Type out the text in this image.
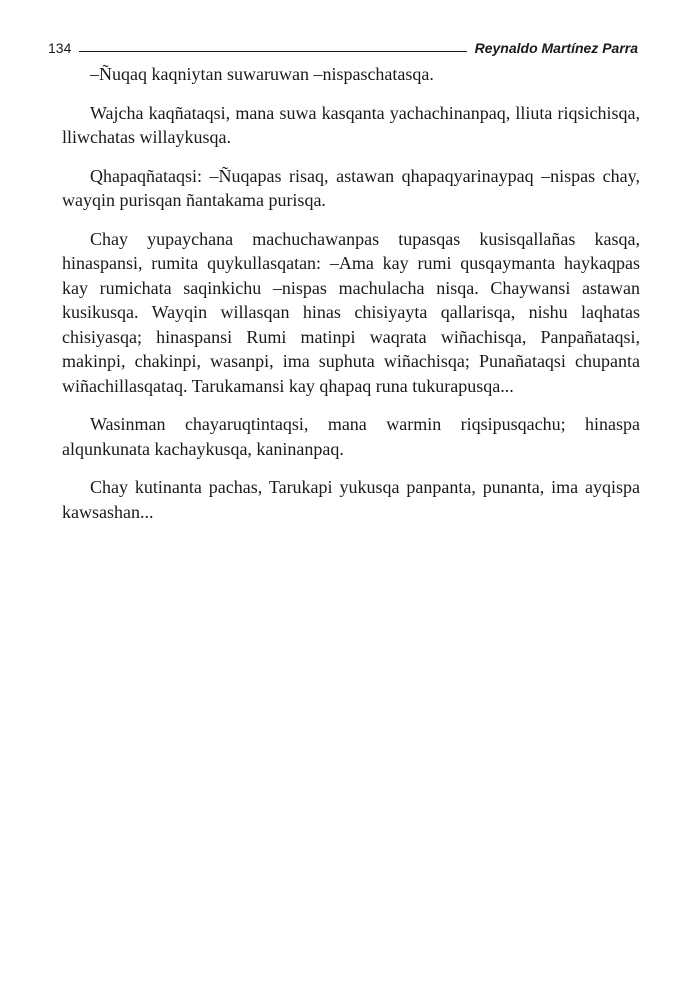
134	Reynaldo Martínez Parra

–Ñuqaq kaqniytan suwaruwan –nispaschatasqa.

Wajcha kaqñataqsi, mana suwa kasqanta yachachinanpaq, lliuta riqsichisqa, lliwchatas willaykusqa.

Qhapaqñataqsi: –Ñuqapas risaq, astawan qhapaqyarinaypaq –nispas chay, wayqin purisqan ñantakama purisqa.

Chay yupaychana machuchawanpas tupasqas kusisqallañas kasqa, hinaspansi, rumita quykullasqatan: –Ama kay rumi qusqaymanta haykaqpas kay rumichata saqinkichu –nispas machulacha nisqa. Chaywansi astawan kusikusqa. Wayqin willasqan hinas chisiyayta qallarisqa, nishu laqhatas chisiyasqa; hinaspansi Rumi matinpi waqrata wiñachisqa, Panpañataqsi, makinpi, chakinpi, wasanpi, ima suphuta wiñachisqa; Punañataqsi chupanta wiñachillasqataq. Tarukamansi kay qhapaq runa tukurapusqa...

Wasinman chayaruqtintaqsi, mana warmin riqsipusqachu; hinaspa alqunkunata kachaykusqa, kaninanpaq.

Chay kutinanta pachas, Tarukapi yukusqa panpanta, punanta, ima ayqispa kawsashan...
